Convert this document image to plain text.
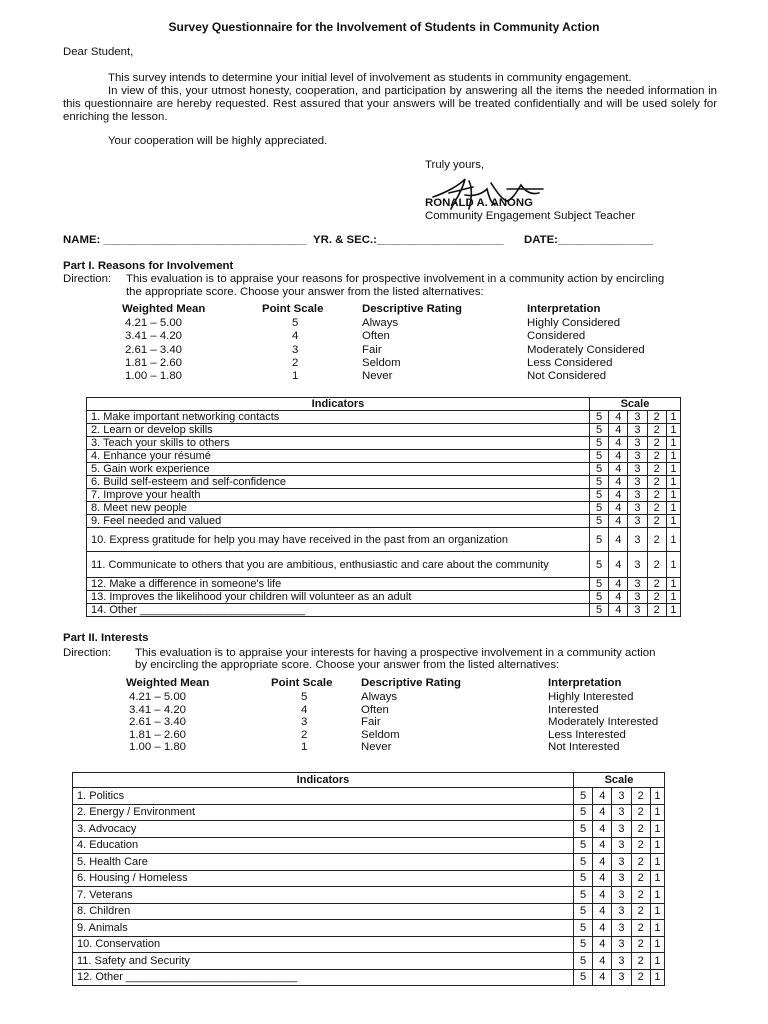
Survey Questionnaire for the Involvement of Students in Community Action

Dear Student,

This survey intends to determine your initial level of involvement as students in community engagement.

In view of this, your utmost honesty, cooperation, and participation by answering all the items the needed information in this questionnaire are hereby requested. Rest assured that your answers will be treated confidentially and will be used solely for enriching the lesson.

Your cooperation will be highly appreciated.

Truly yours,

RONALD A. ANONG

Community Engagement Subject Teacher

NAME: ________________________________ YR. & SEC.:____________________ DATE:_______________

Part I. Reasons for Involvement

Direction: This evaluation is to appraise your reasons for prospective involvement in a community action by encircling

the appropriate score. Choose your answer from the listed alternatives:

Weighted Mean	Point Scale	Descriptive Rating	Interpretation
4.21 – 5.00	5	Always	Highly Considered
3.41 – 4.20	4	Often	Considered
2.61 – 3.40	3	Fair	Moderately Considered
1.81 – 2.60	2	Seldom	Less Considered
1.00 – 1.80	1	Never	Not Considered
Indicators	Scale				
1. Make important networking contacts	5	4	3	2	1
2. Learn or develop skills	5	4	3	2	1
3. Teach your skills to others	5	4	3	2	1
4. Enhance your résumé	5	4	3	2	1
5. Gain work experience	5	4	3	2	1
6. Build self-esteem and self-confidence	5	4	3	2	1
7. Improve your health	5	4	3	2	1
8. Meet new people	5	4	3	2	1
9. Feel needed and valued	5	4	3	2	1
10. Express gratitude for help you may have received in the past from an organization	5	4	3	2	1
11. Communicate to others that you are ambitious, enthusiastic and care about the community	5	4	3	2	1
12. Make a difference in someone's life	5	4	3	2	1
13. Improves the likelihood your children will volunteer as an adult	5	4	3	2	1
14. Other ___________________________	5	4	3	2	1

Part II. Interests

Direction: This evaluation is to appraise your interests for having a prospective involvement in a community action

by encircling the appropriate score. Choose your answer from the listed alternatives:

Weighted Mean	Point Scale	Descriptive Rating	Interpretation
4.21 – 5.00	5	Always	Highly Interested
3.41 – 4.20	4	Often	Interested
2.61 – 3.40	3	Fair	Moderately Interested
1.81 – 2.60	2	Seldom	Less Interested
1.00 – 1.80	1	Never	Not Interested
Indicators	Scale				
1. Politics	5	4	3	2	1
2. Energy / Environment	5	4	3	2	1
3. Advocacy	5	4	3	2	1
4. Education	5	4	3	2	1
5. Health Care	5	4	3	2	1
6. Housing / Homeless	5	4	3	2	1
7. Veterans	5	4	3	2	1
8. Children	5	4	3	2	1
9. Animals	5	4	3	2	1
10. Conservation	5	4	3	2	1
11. Safety and Security	5	4	3	2	1
12. Other ____________________________	5	4	3	2	1
